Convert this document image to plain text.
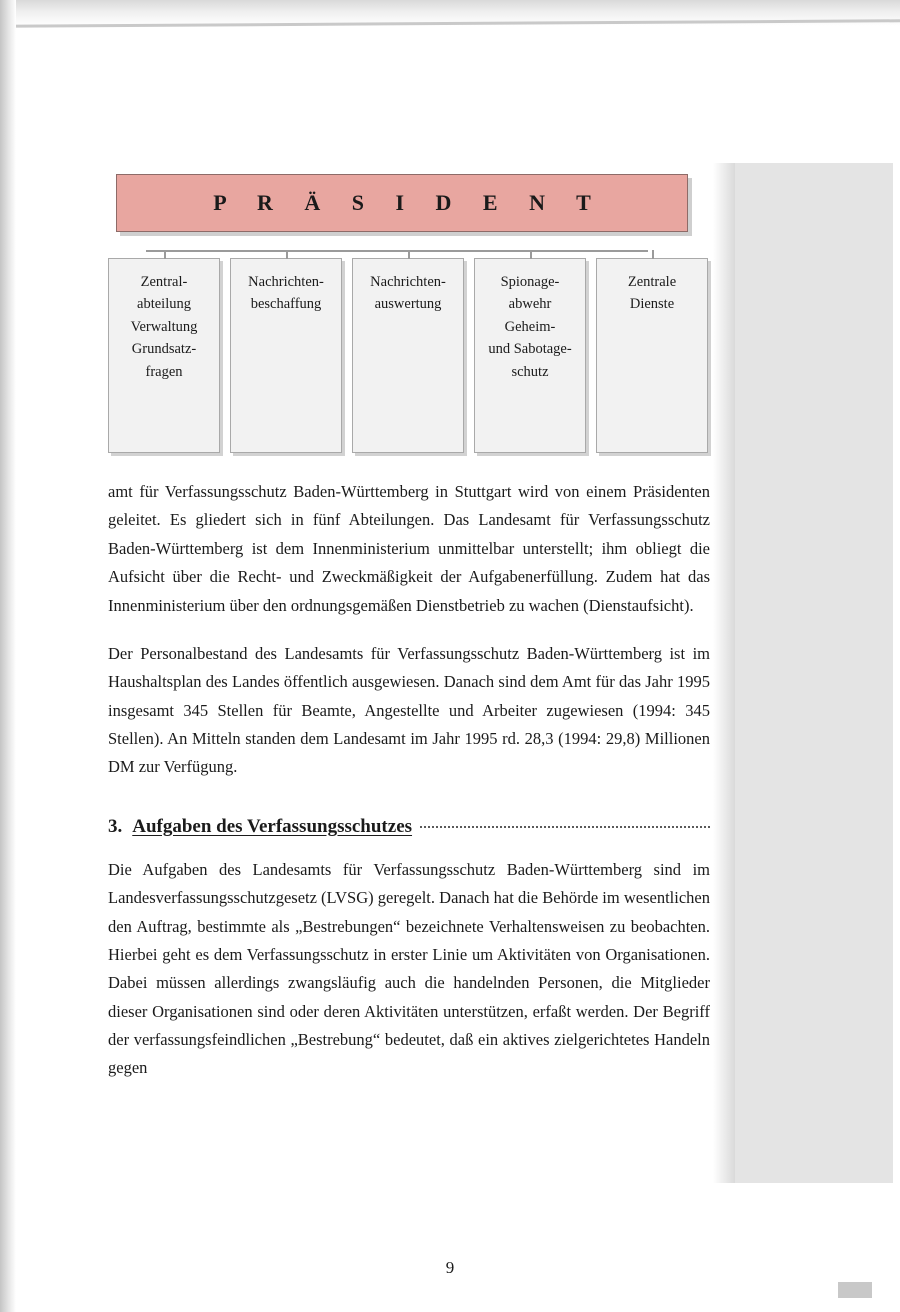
P R Ä S I D E N T
Zentral-
abteilung
Verwaltung
Grundsatz-
fragen
Nachrichten-
beschaffung
Nachrichten-
auswertung
Spionage-
abwehr
Geheim-
und Sabotage-
schutz
Zentrale
Dienste

amt für Verfassungsschutz Baden-Württemberg in Stuttgart wird von einem Präsidenten geleitet. Es gliedert sich in fünf Abteilungen. Das Landesamt für Verfassungsschutz Baden-Württemberg ist dem Innenministerium unmittelbar unterstellt; ihm obliegt die Aufsicht über die Recht- und Zweckmäßigkeit der Aufgabenerfüllung. Zudem hat das Innenministerium über den ordnungsgemäßen Dienstbetrieb zu wachen (Dienstaufsicht).

Der Personalbestand des Landesamts für Verfassungsschutz Baden-Württemberg ist im Haushaltsplan des Landes öffentlich ausgewiesen. Danach sind dem Amt für das Jahr 1995 insgesamt 345 Stellen für Beamte, Angestellte und Arbeiter zugewiesen (1994: 345 Stellen). An Mitteln standen dem Landesamt im Jahr 1995 rd. 28,3 (1994: 29,8) Millionen DM zur Verfügung.

3. Aufgaben des Verfassungsschutzes

Die Aufgaben des Landesamts für Verfassungsschutz Baden-Württemberg sind im Landesverfassungsschutzgesetz (LVSG) geregelt. Danach hat die Behörde im wesentlichen den Auftrag, bestimmte als „Bestrebungen“ bezeichnete Verhaltensweisen zu beobachten. Hierbei geht es dem Verfassungsschutz in erster Linie um Aktivitäten von Organisationen. Dabei müssen allerdings zwangsläufig auch die handelnden Personen, die Mitglieder dieser Organisationen sind oder deren Aktivitäten unterstützen, erfaßt werden. Der Begriff der verfassungsfeindlichen „Bestrebung“ bedeutet, daß ein aktives zielgerichtetes Handeln gegen

9
